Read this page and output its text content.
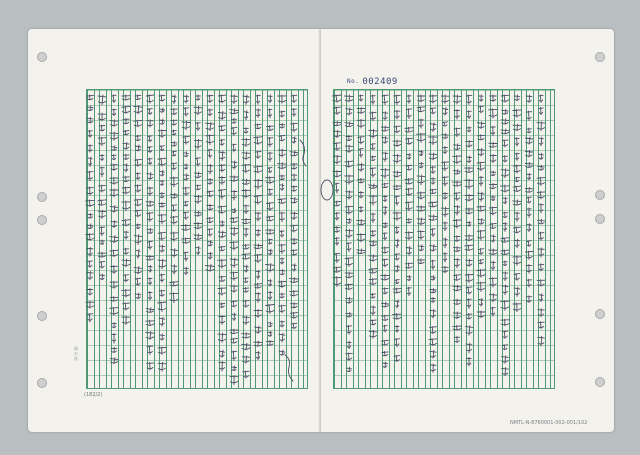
No. 002409
(182/2)
前公社
NMTL-N-8760001-002-001/102
